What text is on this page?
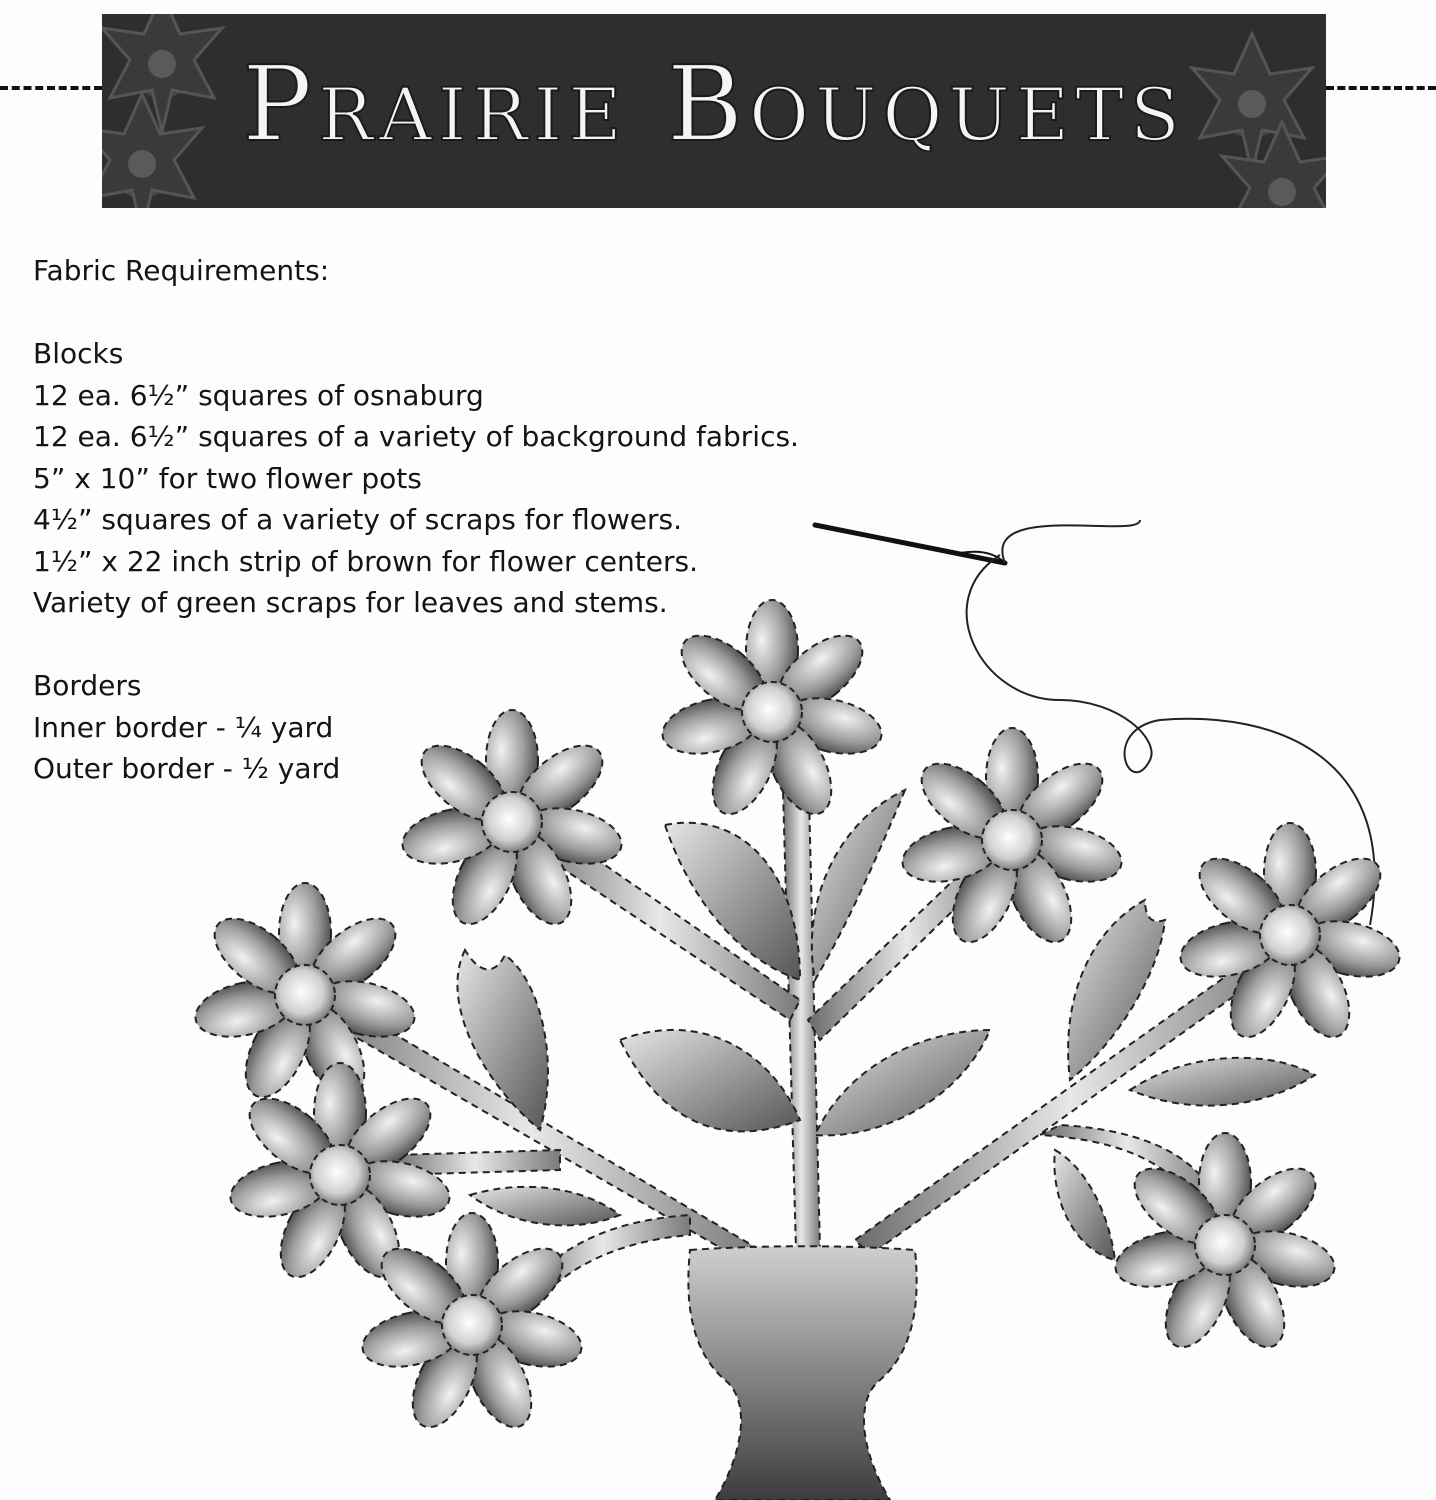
Prairie Bouquets
Fabric Requirements:
Blocks
12 ea. 6½” squares of osnaburg
12 ea. 6½” squares of a variety of background fabrics.
5” x 10” for two flower pots
4½” squares of a variety of scraps for flowers.
1½” x 22 inch strip of brown for flower centers.
Variety of green scraps for leaves and stems.
Borders
Inner border - ¼ yard
Outer border - ½ yard
